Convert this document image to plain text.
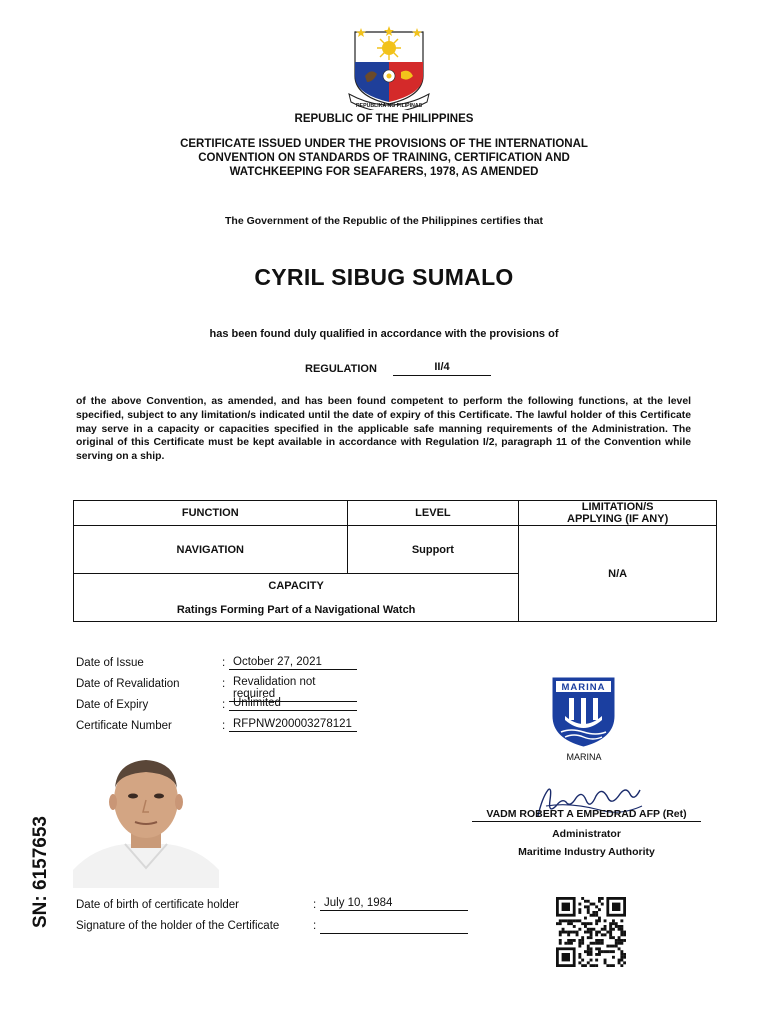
REPUBLIKA NG PILIPINAS
REPUBLIC OF THE PHILIPPINES
CERTIFICATE ISSUED UNDER THE PROVISIONS OF THE INTERNATIONAL
CONVENTION ON STANDARDS OF TRAINING, CERTIFICATION AND
WATCHKEEPING FOR SEAFARERS, 1978, AS AMENDED
The Government of the Republic of the Philippines certifies that
CYRIL SIBUG SUMALO
has been found duly qualified in accordance with the provisions of
REGULATION	II/4
of the above Convention, as amended, and has been found competent to perform the following functions, at the level specified, subject to any limitation/s indicated until the date of expiry of this Certificate. The lawful holder of this Certificate may serve in a capacity or capacities specified in the applicable safe manning requirements of the Administration. The original of this Certificate must be kept available in accordance with Regulation I/2, paragraph 11 of the Convention while serving on a ship.
FUNCTION	LEVEL	LIMITATION/S
APPLYING (IF ANY)

NAVIGATION	Support	N/A

CAPACITY
Ratings Forming Part of a Navigational Watch		
Date of Issue	: October 27, 2021
Date of Revalidation	: Revalidation not required
Date of Expiry	: Unlimited
Certificate Number	: RFPNW200003278121
MARINA
MARINA
VADM ROBERT A EMPEDRAD AFP (Ret)
Administrator
Maritime Industry Authority
Date of birth of certificate holder	: July 10, 1984
Signature of the holder of the Certificate	:
SN: 6157653
